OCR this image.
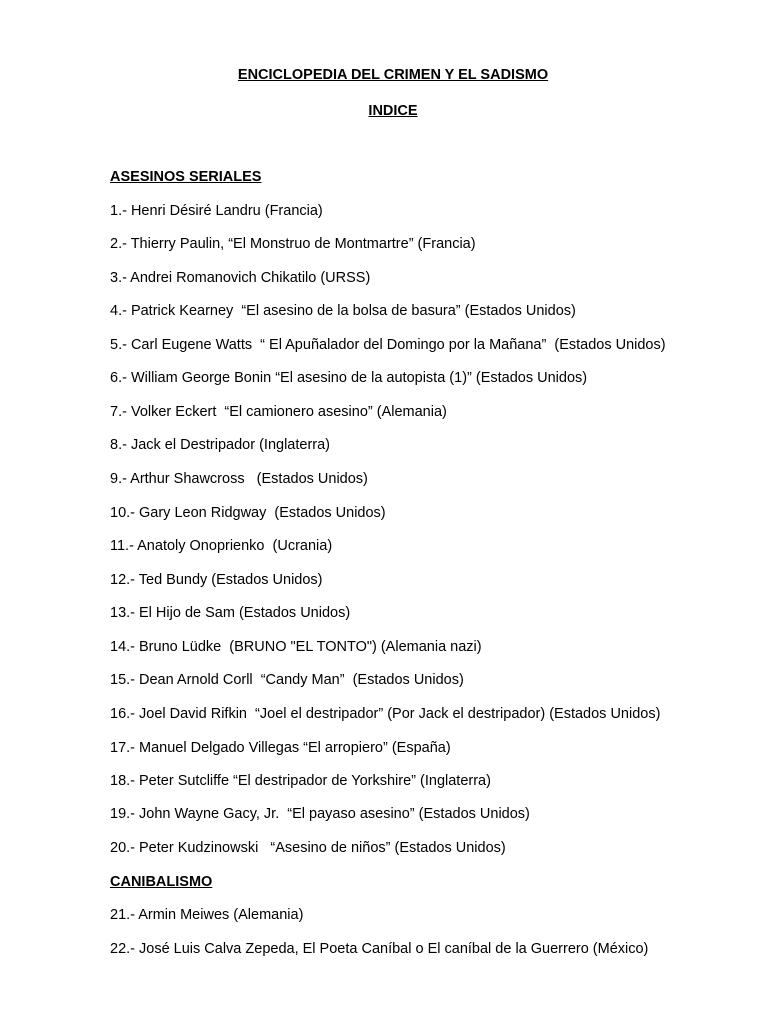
ENCICLOPEDIA DEL CRIMEN Y EL SADISMO

INDICE

ASESINOS SERIALES

1.- Henri Désiré Landru (Francia)

2.- Thierry Paulin, “El Monstruo de Montmartre” (Francia)

3.- Andrei Romanovich Chikatilo (URSS)

4.- Patrick Kearney  “El asesino de la bolsa de basura” (Estados Unidos)

5.- Carl Eugene Watts  “ El Apuñalador del Domingo por la Mañana”  (Estados Unidos)

6.- William George Bonin “El asesino de la autopista (1)” (Estados Unidos)

7.- Volker Eckert  “El camionero asesino” (Alemania)

8.- Jack el Destripador (Inglaterra)

9.- Arthur Shawcross   (Estados Unidos)

10.- Gary Leon Ridgway  (Estados Unidos)

11.- Anatoly Onoprienko  (Ucrania)

12.- Ted Bundy (Estados Unidos)

13.- El Hijo de Sam (Estados Unidos)

14.- Bruno Lüdke  (BRUNO "EL TONTO") (Alemania nazi)

15.- Dean Arnold Corll  “Candy Man”  (Estados Unidos)

16.- Joel David Rifkin  “Joel el destripador” (Por Jack el destripador) (Estados Unidos)

17.- Manuel Delgado Villegas “El arropiero” (España)

18.- Peter Sutcliffe “El destripador de Yorkshire” (Inglaterra)

19.- John Wayne Gacy, Jr.  “El payaso asesino” (Estados Unidos)

20.- Peter Kudzinowski   “Asesino de niños” (Estados Unidos)

CANIBALISMO

21.- Armin Meiwes (Alemania)

22.- José Luis Calva Zepeda, El Poeta Caníbal o El caníbal de la Guerrero (México)
